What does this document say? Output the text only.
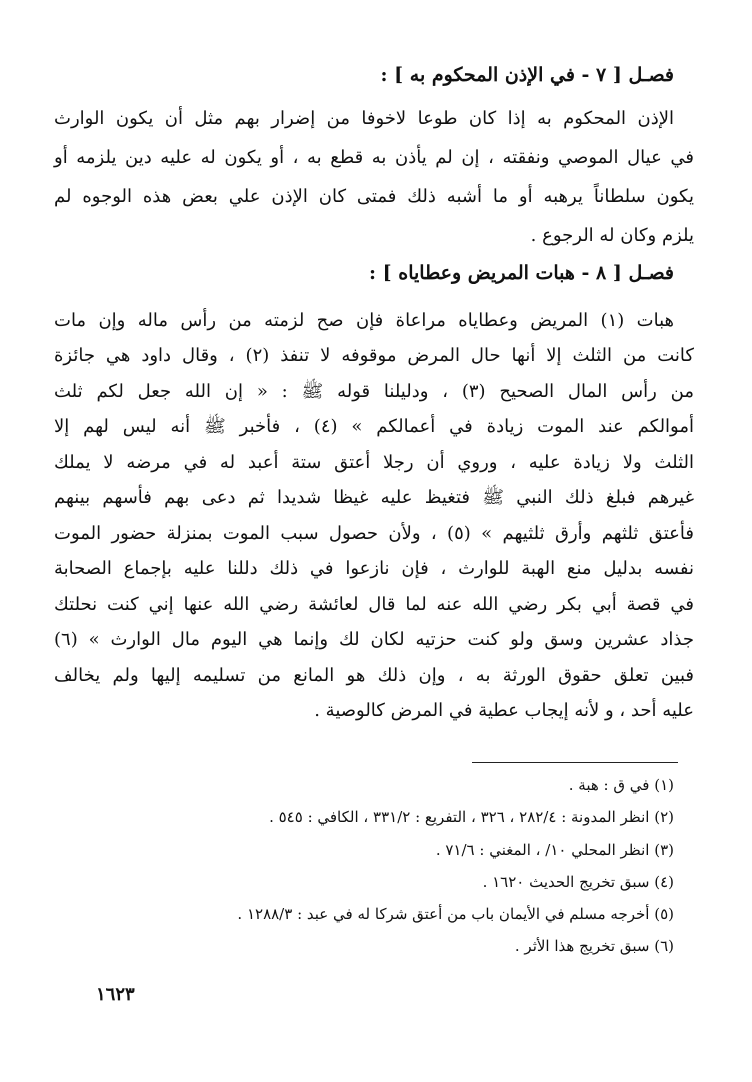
فصـل [ ٧ - في الإذن المحكوم به ] :
الإذن المحكوم به إذا كان طوعا لاخوفا من إضرار بهم مثل أن يكون الوارث
في عيال الموصي ونفقته ، إن لم يأذن به قطع به ، أو يكون له عليه دين يلزمه أو
يكون سلطاناً يرهبه أو ما أشبه ذلك فمتى كان الإذن علي بعض هذه الوجوه لم
يلزم وكان له الرجوع .
فصـل [ ٨ - هبات المريض وعطاياه ] :
هبات (١) المريض وعطاياه مراعاة فإن صح لزمته من رأس ماله وإن مات
كانت من الثلث إلا أنها حال المرض موقوفه لا تنفذ (٢) ، وقال داود هي جائزة
من رأس المال الصحيح (٣) ، ودليلنا قوله ﷺ : « إن الله جعل لكم ثلث
أموالكم عند الموت زيادة في أعمالكم » (٤) ، فأخبر ﷺ أنه ليس لهم إلا
الثلث ولا زيادة عليه ، وروي أن رجلا أعتق ستة أعبد له في مرضه لا يملك
غيرهم فبلغ ذلك النبي ﷺ فتغيظ عليه غيظا شديدا ثم دعى بهم فأسهم بينهم
فأعتق ثلثهم وأرق ثلثيهم » (٥) ، ولأن حصول سبب الموت بمنزلة حضور الموت
نفسه بدليل منع الهبة للوارث ، فإن نازعوا في ذلك دللنا عليه بإجماع الصحابة
في قصة أبي بكر رضي الله عنه لما قال لعائشة رضي الله عنها إني كنت نحلتك
جذاد عشرين وسق ولو كنت حزتيه لكان لك وإنما هي اليوم مال الوارث » (٦)
فبين تعلق حقوق الورثة به ، وإن ذلك هو المانع من تسليمه إليها ولم يخالف
عليه أحد ، و لأنه إيجاب عطية في المرض كالوصية .
(١) في ق : هبة .
(٢) انظر المدونة : ٢٨٢/٤ ، ٣٢٦ ، التفريع : ٣٣١/٢ ، الكافي : ٥٤٥ .
(٣) انظر المحلي ١٠/ ، المغني : ٧١/٦ .
(٤) سبق تخريج الحديث ١٦٢٠ .
(٥) أخرجه مسلم في الأيمان باب من أعتق شركا له في عبد : ١٢٨٨/٣ .
(٦) سبق تخريج هذا الأثر .
١٦٢٣
